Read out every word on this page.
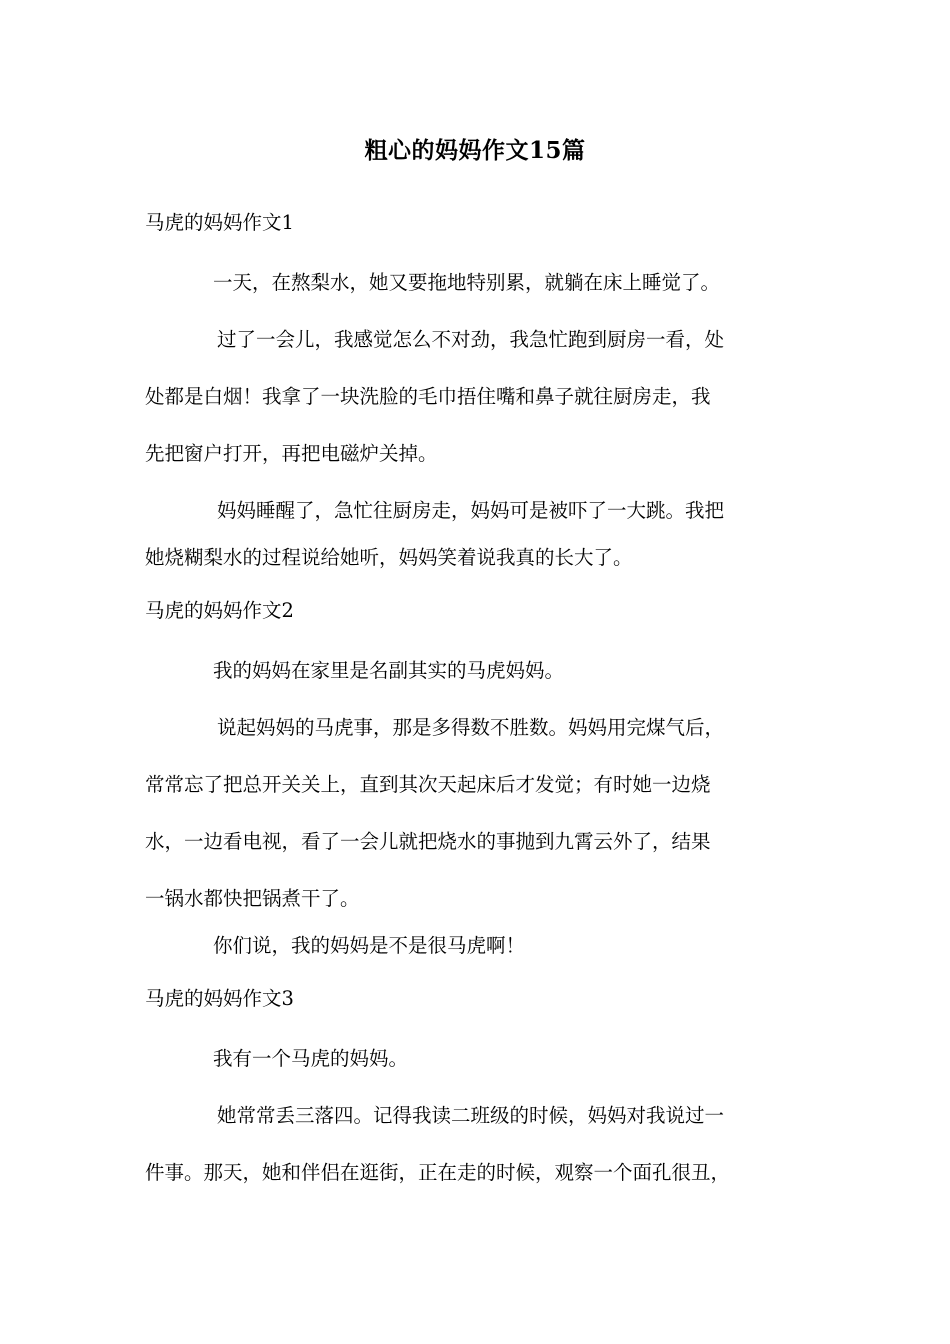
粗心的妈妈作文15篇
马虎的妈妈作文1
一天，在熬梨水，她又要拖地特别累，就躺在床上睡觉了。
过了一会儿，我感觉怎么不对劲，我急忙跑到厨房一看，处
处都是白烟！我拿了一块洗脸的毛巾捂住嘴和鼻子就往厨房走，我
先把窗户打开，再把电磁炉关掉。
妈妈睡醒了，急忙往厨房走，妈妈可是被吓了一大跳。我把
她烧糊梨水的过程说给她听，妈妈笑着说我真的长大了。
马虎的妈妈作文2
我的妈妈在家里是名副其实的马虎妈妈。
说起妈妈的马虎事，那是多得数不胜数。妈妈用完煤气后，
常常忘了把总开关关上，直到其次天起床后才发觉；有时她一边烧
水，一边看电视，看了一会儿就把烧水的事抛到九霄云外了，结果
一锅水都快把锅煮干了。
你们说，我的妈妈是不是很马虎啊！
马虎的妈妈作文3
我有一个马虎的妈妈。
她常常丢三落四。记得我读二班级的时候，妈妈对我说过一
件事。那天，她和伴侣在逛街，正在走的时候，观察一个面孔很丑，
